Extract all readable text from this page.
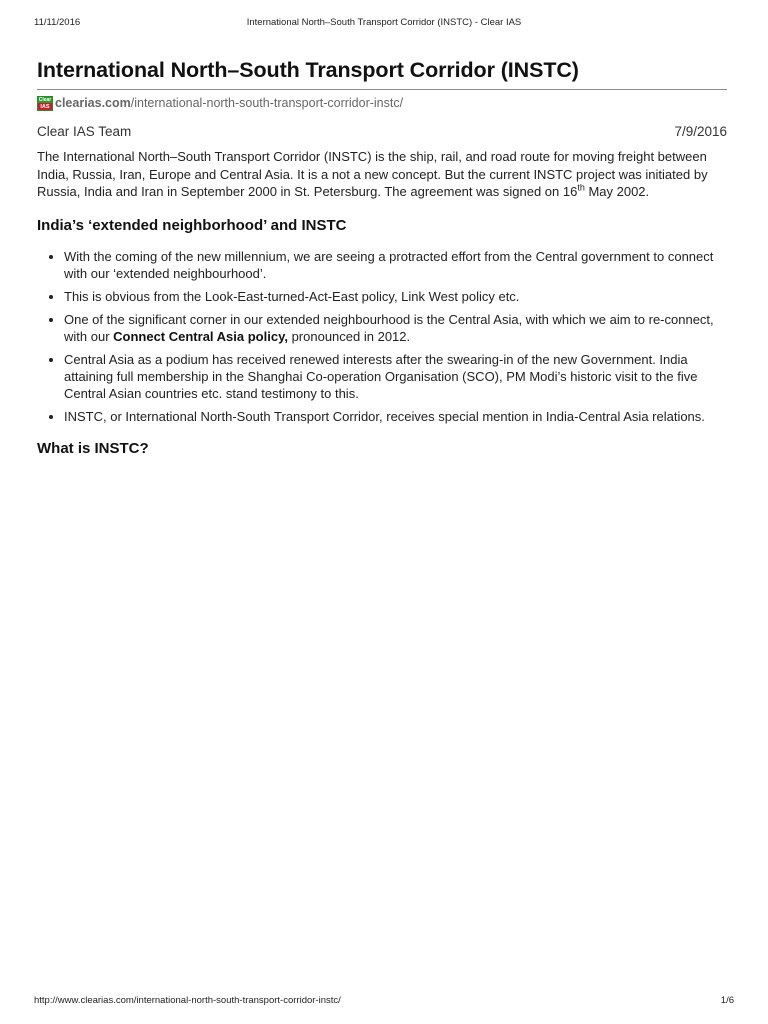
11/11/2016	International North–South Transport Corridor (INSTC) - Clear IAS
International North–South Transport Corridor (INSTC)
Clear
IAS clearias.com /international-north-south-transport-corridor-instc/
Clear IAS Team	7/9/2016

The International North–South Transport Corridor (INSTC) is the ship, rail, and road route for moving freight between India, Russia, Iran, Europe and Central Asia. It is a not a new concept. But the current INSTC project was initiated by Russia, India and Iran in September 2000 in St. Petersburg. The agreement was signed on 16th May 2002.

India’s ‘extended neighborhood’ and INSTC
• With the coming of the new millennium, we are seeing a protracted effort from the Central government to connect with our ‘extended neighbourhood’.
• This is obvious from the Look-East-turned-Act-East policy, Link West policy etc.
• One of the significant corner in our extended neighbourhood is the Central Asia, with which we aim to re-connect, with our Connect Central Asia policy, pronounced in 2012.
• Central Asia as a podium has received renewed interests after the swearing-in of the new Government. India attaining full membership in the Shanghai Co-operation Organisation (SCO), PM Modi’s historic visit to the five Central Asian countries etc. stand testimony to this.
• INSTC, or International North-South Transport Corridor, receives special mention in India-Central Asia relations.
What is INSTC?
http://www.clearias.com/international-north-south-transport-corridor-instc/	1/6
